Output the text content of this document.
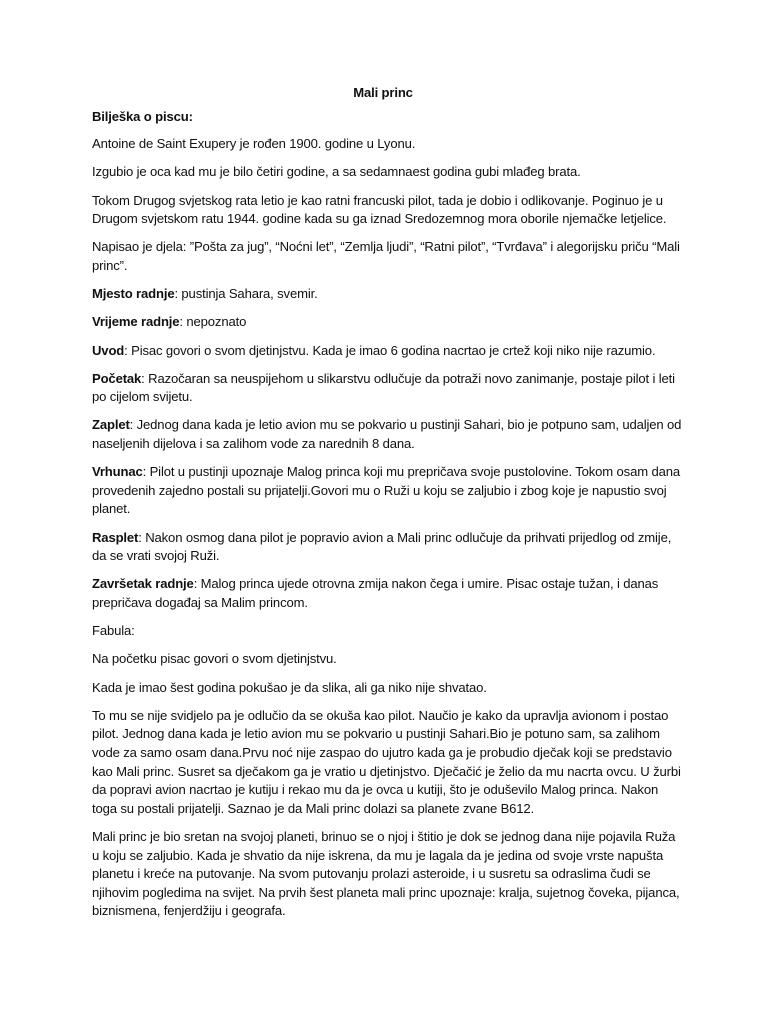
Mali princ
Bilješka o piscu:
Antoine de Saint Exupery je rođen 1900. godine u Lyonu.
Izgubio je oca kad mu je bilo četiri godine, a sa sedamnaest godina gubi mlađeg brata.
Tokom Drugog svjetskog rata letio je kao ratni francuski pilot, tada je dobio i odlikovanje. Poginuo je u Drugom svjetskom ratu 1944. godine kada su ga iznad Sredozemnog mora oborile njemačke letjelice.
Napisao je djela: ”Pošta za jug”, “Noćni let”, “Zemlja ljudi”, “Ratni pilot”, “Tvrđava” i alegorijsku priču “Mali princ”.
Mjesto radnje: pustinja Sahara, svemir.
Vrijeme radnje: nepoznato
Uvod: Pisac govori o svom djetinjstvu. Kada je imao 6 godina nacrtao je crtež koji niko nije razumio.
Početak: Razočaran sa neuspijehom u slikarstvu odlučuje da potraži novo zanimanje, postaje pilot i leti po cijelom svijetu.
Zaplet: Jednog dana kada je letio avion mu se pokvario u pustinji Sahari, bio je potpuno sam, udaljen od naseljenih dijelova i sa zalihom vode za narednih 8 dana.
Vrhunac: Pilot u pustinji upoznaje Malog princa koji mu prepričava svoje pustolovine. Tokom osam dana provedenih zajedno postali su prijatelji.Govori mu o Ruži u koju se zaljubio i zbog koje je napustio svoj planet.
Rasplet: Nakon osmog dana pilot je popravio avion a Mali princ odlučuje da prihvati prijedlog od zmije, da se vrati svojoj Ruži.
Završetak radnje: Malog princa ujede otrovna zmija nakon čega i umire. Pisac ostaje tužan, i danas prepričava događaj sa Malim princom.
Fabula:
Na početku pisac govori o svom djetinjstvu.
Kada je imao šest godina pokušao je da slika, ali ga niko nije shvatao.
To mu se nije svidjelo pa je odlučio da se okuša kao pilot. Naučio je kako da upravlja avionom i postao pilot. Jednog dana kada je letio avion mu se pokvario u pustinji Sahari.Bio je potuno sam, sa zalihom vode za samo osam dana.Prvu noć nije zaspao do ujutro kada ga je probudio dječak koji se predstavio kao Mali princ. Susret sa dječakom ga je vratio u djetinjstvo. Dječačić je želio da mu nacrta ovcu. U žurbi da popravi avion nacrtao je kutiju i rekao mu da je ovca u kutiji, što je oduševilo Malog princa. Nakon toga su postali prijatelji. Saznao je da Mali princ dolazi sa planete zvane B612.
Mali princ je bio sretan na svojoj planeti, brinuo se o njoj i štitio je dok se jednog dana nije pojavila Ruža u koju se zaljubio. Kada je shvatio da nije iskrena, da mu je lagala da je jedina od svoje vrste napušta planetu i kreće na putovanje. Na svom putovanju prolazi asteroide, i u susretu sa odraslima čudi se njihovim pogledima na svijet. Na prvih šest planeta mali princ upoznaje: kralja, sujetnog čoveka, pijanca, biznismena, fenjerdžiju i geografa.
